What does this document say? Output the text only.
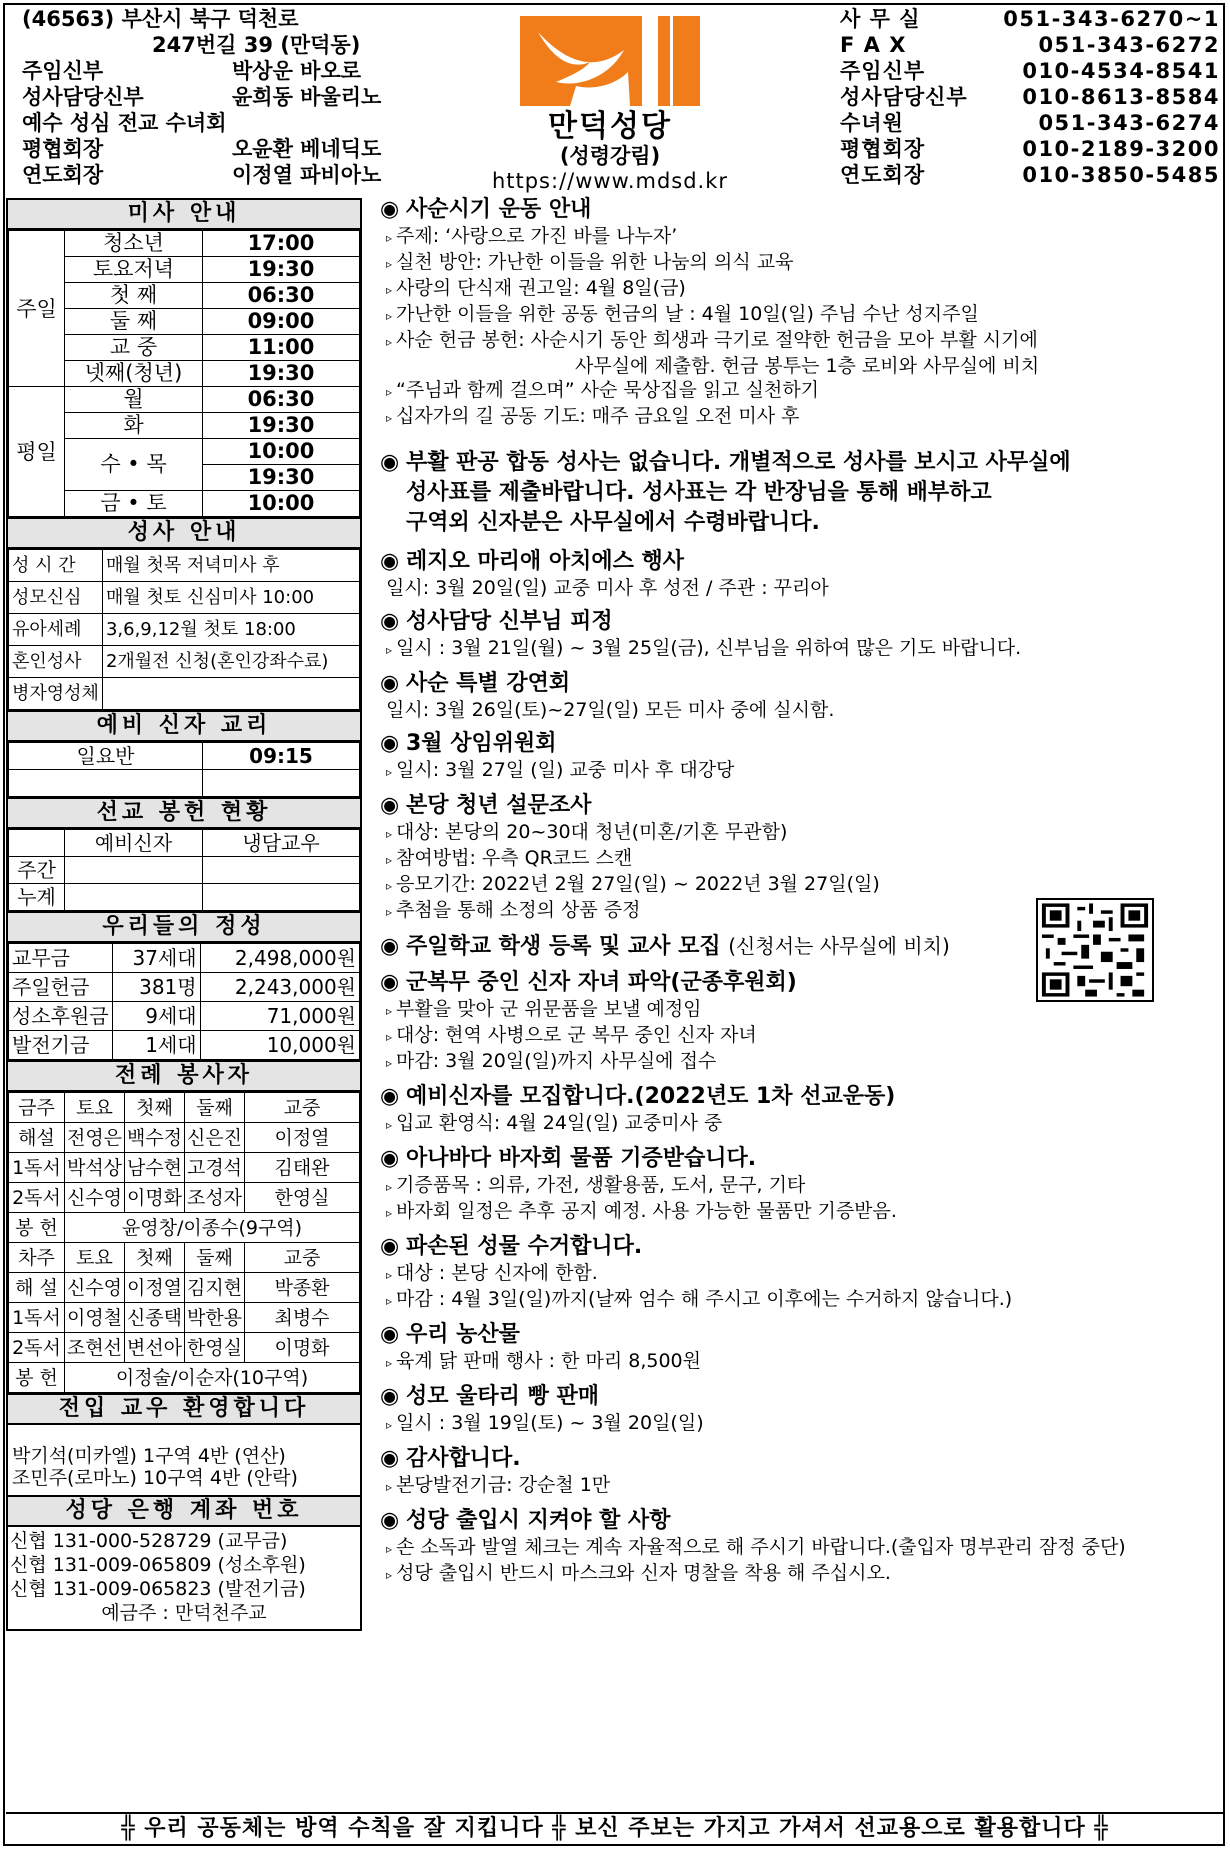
(46563) 부산시 북구 덕천로
247번길 39 (만덕동)
주임신부	박상운 바오로
성사담당신부	윤희동 바울리노
예수 성심 전교 수녀회
평협회장	오윤환 베네딕도
연도회장	이정열 파비아노
만덕성당
(성령강림)
https://www.mdsd.kr
사 무 실	051-343-6270~1
F A X	051-343-6272
주임신부	010-4534-8541
성사담당신부	010-8613-8584
수녀원	051-343-6274
평협회장	010-2189-3200
연도회장	010-3850-5485
미사 안내
주일	청소년	17:00
	토요저녁	19:30
	첫 째	06:30
	둘 째	09:00
	교 중	11:00
	넷째(청년)	19:30
평일	월	06:30
	화	19:30
	수 • 목	10:00
		19:30
	금 • 토	10:00
성사 안내
성 시 간	매월 첫목 저녁미사 후
성모신심	매월 첫토 신심미사 10:00
유아세례	3,6,9,12월 첫토 18:00
혼인성사	2개월전 신청(혼인강좌수료)
병자영성체	
예비 신자 교리
일요반	09:15

선교 봉헌 현황
	예비신자	냉담교우
주간		
누계		
우리들의 정성
교무금	37세대	2,498,000원
주일헌금	381명	2,243,000원
성소후원금	9세대	71,000원
발전기금	1세대	10,000원
전례 봉사자
금주	토요	첫째	둘째	교중
해설	전영은	백수정	신은진	이정열
1독서	박석상	남수현	고경석	김태완
2독서	신수영	이명화	조성자	한영실
봉 헌	윤영창/이종수(9구역)			
차주	토요	첫째	둘째	교중
해 설	신수영	이정열	김지현	박종환
1독서	이영철	신종택	박한용	최병수
2독서	조현선	변선아	한영실	이명화
봉 헌	이정술/이순자(10구역)			
전입 교우 환영합니다
박기석(미카엘) 1구역 4반 (연산)
조민주(로마노) 10구역 4반 (안락)
성당 은행 계좌 번호
신협 131-000-528729 (교무금)
신협 131-009-065809 (성소후원)
신협 131-009-065823 (발전기금)
예금주 : 만덕천주교
◉ 사순시기 운동 안내
▹ 주제: ‘사랑으로 가진 바를 나누자’
▹ 실천 방안: 가난한 이들을 위한 나눔의 의식 교육
▹ 사랑의 단식재 권고일: 4월 8일(금)
▹ 가난한 이들을 위한 공동 헌금의 날 : 4월 10일(일) 주님 수난 성지주일
▹ 사순 헌금 봉헌: 사순시기 동안 희생과 극기로 절약한 헌금을 모아 부활 시기에
사무실에 제출함. 헌금 봉투는 1층 로비와 사무실에 비치
▹ “주님과 함께 걸으며” 사순 묵상집을 읽고 실천하기
▹ 십자가의 길 공동 기도: 매주 금요일 오전 미사 후
◉부활 판공 합동 성사는 없습니다. 개별적으로 성사를 보시고 사무실에
성사표를 제출바랍니다. 성사표는 각 반장님을 통해 배부하고
구역외 신자분은 사무실에서 수령바랍니다.
◉ 레지오 마리애 아치에스 행사
일시: 3월 20일(일) 교중 미사 후 성전 / 주관 : 꾸리아
◉ 성사담당 신부님 피정
▹ 일시 : 3월 21일(월) ~ 3월 25일(금), 신부님을 위하여 많은 기도 바랍니다.
◉ 사순 특별 강연회
일시: 3월 26일(토)~27일(일) 모든 미사 중에 실시함.
◉ 3월 상임위원회
▹ 일시: 3월 27일 (일) 교중 미사 후 대강당
◉ 본당 청년 설문조사
▹ 대상: 본당의 20~30대 청년(미혼/기혼 무관함)
▹ 참여방법: 우측 QR코드 스캔
▹ 응모기간: 2022년 2월 27일(일) ~ 2022년 3월 27일(일)
▹ 추첨을 통해 소정의 상품 증정
◉ 주일학교 학생 등록 및 교사 모집 (신청서는 사무실에 비치)
◉ 군복무 중인 신자 자녀 파악(군종후원회)
▹ 부활을 맞아 군 위문품을 보낼 예정임
▹ 대상: 현역 사병으로 군 복무 중인 신자 자녀
▹ 마감: 3월 20일(일)까지 사무실에 접수
◉ 예비신자를 모집합니다.(2022년도 1차 선교운동)
▹ 입교 환영식: 4월 24일(일) 교중미사 중
◉ 아나바다 바자회 물품 기증받습니다.
▹ 기증품목 : 의류, 가전, 생활용품, 도서, 문구, 기타
▹ 바자회 일정은 추후 공지 예정. 사용 가능한 물품만 기증받음.
◉ 파손된 성물 수거합니다.
▹ 대상 : 본당 신자에 한함.
▹ 마감 : 4월 3일(일)까지(날짜 엄수 해 주시고 이후에는 수거하지 않습니다.)
◉ 우리 농산물
▹ 육계 닭 판매 행사 : 한 마리 8,500원
◉ 성모 울타리 빵 판매
▹ 일시 : 3월 19일(토) ~ 3월 20일(일)
◉ 감사합니다.
▹ 본당발전기금: 강순철 1만
◉ 성당 출입시 지켜야 할 사항
▹ 손 소독과 발열 체크는 계속 자율적으로 해 주시기 바랍니다.(출입자 명부관리 잠정 중단)
▹ 성당 출입시 반드시 마스크와 신자 명찰을 착용 해 주십시오.
╬ 우리 공동체는 방역 수칙을 잘 지킵니다 ╬ 보신 주보는 가지고 가셔서 선교용으로 활용합니다 ╬
